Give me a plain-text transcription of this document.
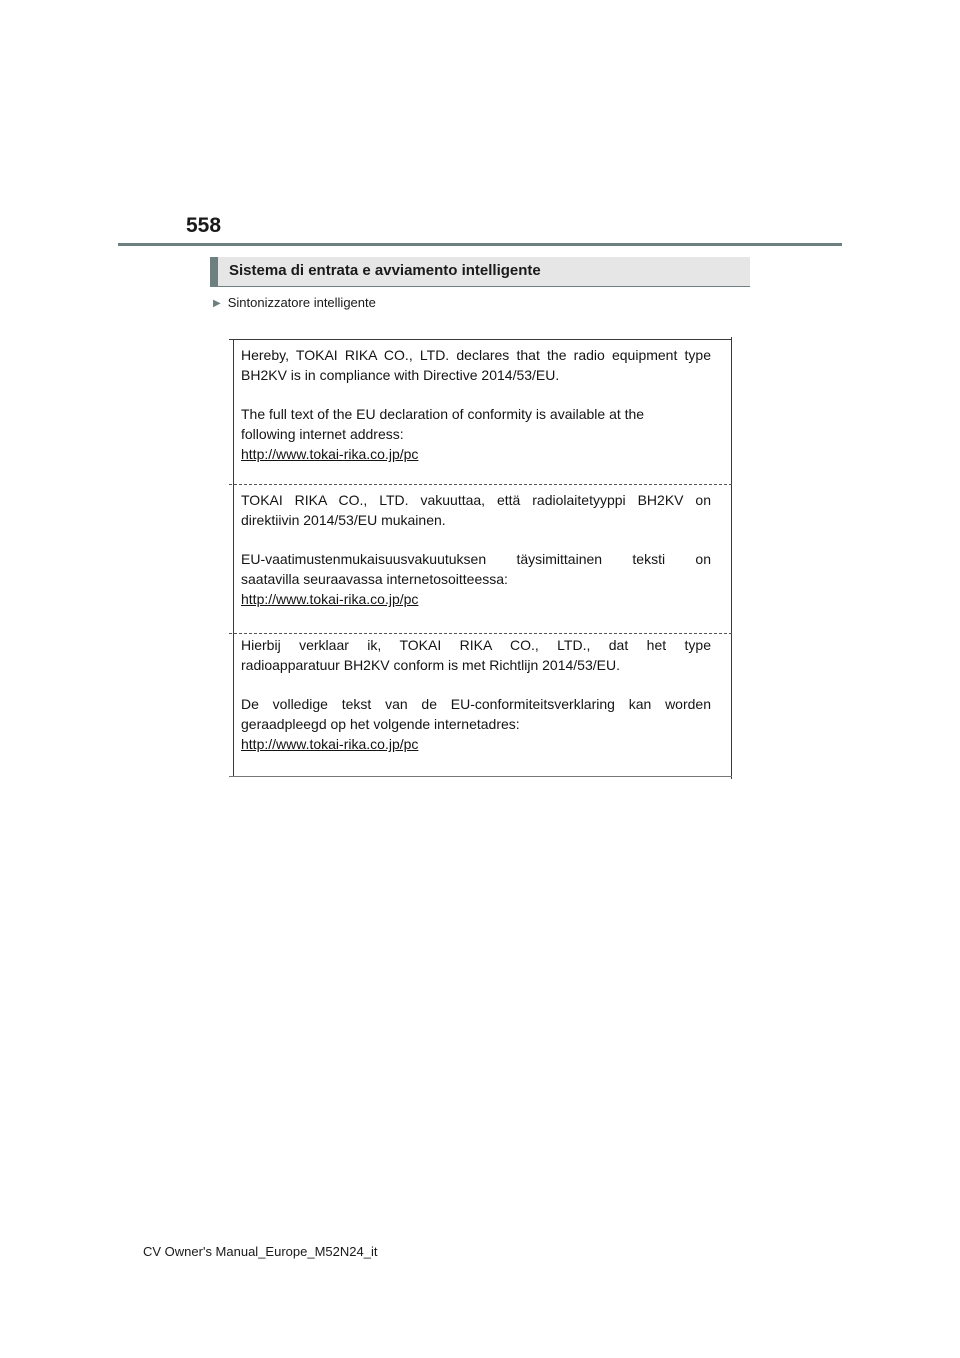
558
Sistema di entrata e avviamento intelligente
▶ Sintonizzatore intelligente

Hereby, TOKAI RIKA CO., LTD. declares that the radio equipment type

BH2KV is in compliance with Directive 2014/53/EU.

The full text of the EU declaration of conformity is available at the

following internet address:

http://www.tokai-rika.co.jp/pc

TOKAI RIKA CO., LTD. vakuuttaa, että radiolaitetyyppi BH2KV on

direktiivin 2014/53/EU mukainen.

EU-vaatimustenmukaisuusvakuutuksen täysimittainen teksti on

saatavilla seuraavassa internetosoitteessa:

http://www.tokai-rika.co.jp/pc

Hierbij verklaar ik, TOKAI RIKA CO., LTD., dat het type

radioapparatuur BH2KV conform is met Richtlijn 2014/53/EU.

De volledige tekst van de EU-conformiteitsverklaring kan worden

geraadpleegd op het volgende internetadres:

http://www.tokai-rika.co.jp/pc

CV Owner's Manual_Europe_M52N24_it
